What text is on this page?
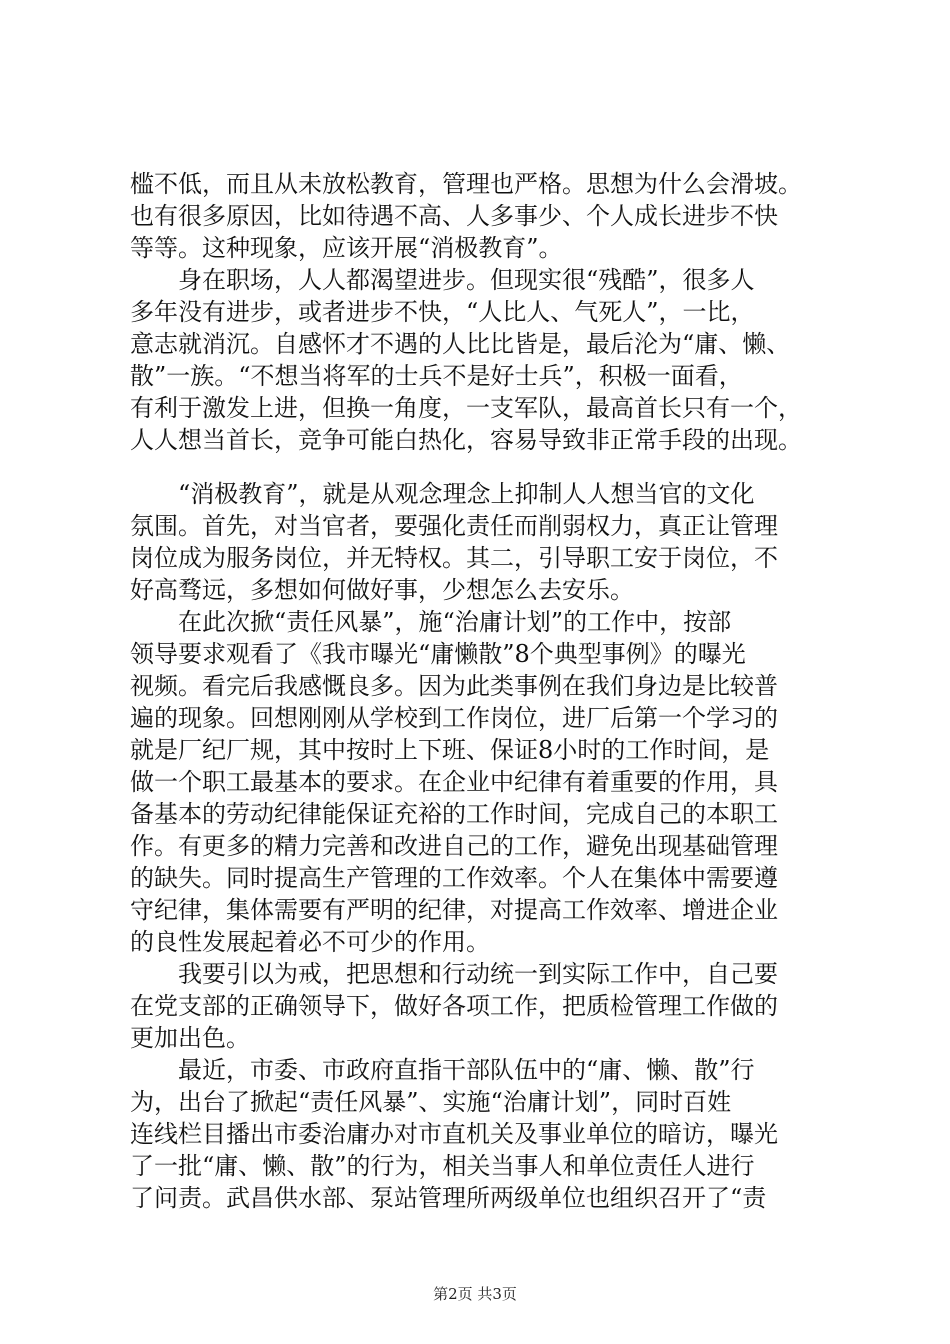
槛不低，而且从未放松教育，管理也严格。思想为什么会滑坡。
也有很多原因，比如待遇不高、人多事少、个人成长进步不快
等等。这种现象，应该开展“消极教育”。
身在职场，人人都渴望进步。但现实很“残酷”，很多人
多年没有进步，或者进步不快，“人比人、气死人”，一比，
意志就消沉。自感怀才不遇的人比比皆是，最后沦为“庸、懒、
散”一族。“不想当将军的士兵不是好士兵”，积极一面看，
有利于激发上进，但换一角度，一支军队，最高首长只有一个，
人人想当首长，竞争可能白热化，容易导致非正常手段的出现。
“消极教育”，就是从观念理念上抑制人人想当官的文化
氛围。首先，对当官者，要强化责任而削弱权力，真正让管理
岗位成为服务岗位，并无特权。其二，引导职工安于岗位，不
好高骛远，多想如何做好事，少想怎么去安乐。
在此次掀“责任风暴”，施“治庸计划”的工作中，按部
领导要求观看了《我市曝光“庸懒散”8个典型事例》的曝光
视频。看完后我感慨良多。因为此类事例在我们身边是比较普
遍的现象。回想刚刚从学校到工作岗位，进厂后第一个学习的
就是厂纪厂规，其中按时上下班、保证8小时的工作时间，是
做一个职工最基本的要求。在企业中纪律有着重要的作用，具
备基本的劳动纪律能保证充裕的工作时间，完成自己的本职工
作。有更多的精力完善和改进自己的工作，避免出现基础管理
的缺失。同时提高生产管理的工作效率。个人在集体中需要遵
守纪律，集体需要有严明的纪律，对提高工作效率、增进企业
的良性发展起着必不可少的作用。
我要引以为戒，把思想和行动统一到实际工作中，自己要
在党支部的正确领导下，做好各项工作，把质检管理工作做的
更加出色。
最近，市委、市政府直指干部队伍中的“庸、懒、散”行
为，出台了掀起“责任风暴”、实施“治庸计划”，同时百姓
连线栏目播出市委治庸办对市直机关及事业单位的暗访，曝光
了一批“庸、懒、散”的行为，相关当事人和单位责任人进行
了问责。武昌供水部、泵站管理所两级单位也组织召开了“责
第2页 共3页
